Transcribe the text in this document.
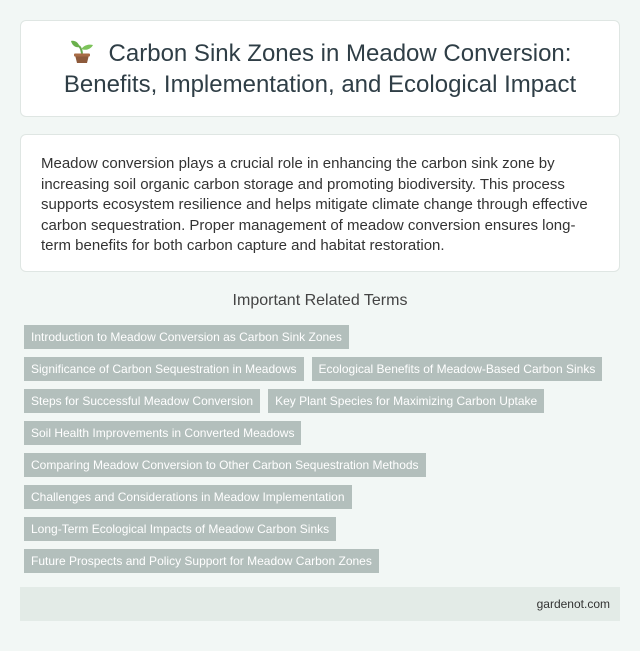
Carbon Sink Zones in Meadow Conversion: Benefits, Implementation, and Ecological Impact

Meadow conversion plays a crucial role in enhancing the carbon sink zone by increasing soil organic carbon storage and promoting biodiversity. This process supports ecosystem resilience and helps mitigate climate change through effective carbon sequestration. Proper management of meadow conversion ensures long-term benefits for both carbon capture and habitat restoration.

Important Related Terms
Introduction to Meadow Conversion as Carbon Sink Zones
Significance of Carbon Sequestration in Meadows	Ecological Benefits of Meadow-Based Carbon Sinks
Steps for Successful Meadow Conversion	Key Plant Species for Maximizing Carbon Uptake
Soil Health Improvements in Converted Meadows
Comparing Meadow Conversion to Other Carbon Sequestration Methods
Challenges and Considerations in Meadow Implementation
Long-Term Ecological Impacts of Meadow Carbon Sinks
Future Prospects and Policy Support for Meadow Carbon Zones
gardenot.com
